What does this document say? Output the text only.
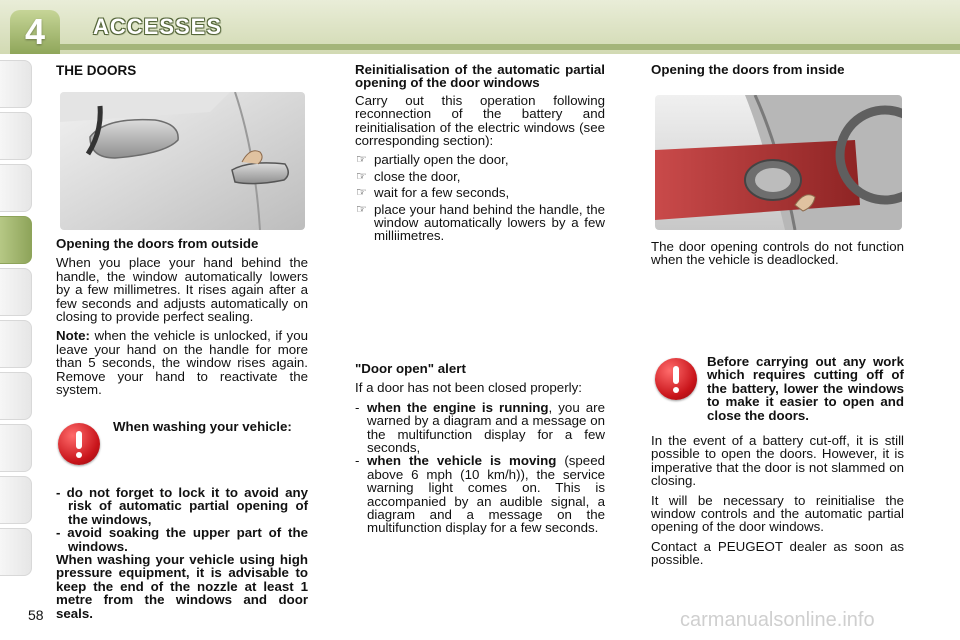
4	ACCESSES
THE DOORS

Opening the doors from outside

When you place your hand behind the handle, the window automatically lowers by a few millimetres. It rises again after a few seconds and adjusts automatically on closing to provide perfect sealing.

Note: when the vehicle is unlocked, if you leave your hand on the handle for more than 5 seconds, the window rises again. Remove your hand to reactivate the system.

When washing your vehicle:
- do not forget to lock it to avoid any risk of automatic partial opening of the windows,
- avoid soaking the upper part of the windows.

When washing your vehicle using high pressure equipment, it is advisable to keep the end of the nozzle at least 1 metre from the windows and door seals.

Reinitialisation of the automatic partial opening of the door windows

Carry out this operation following reconnection of the battery and reinitialisation of the electric windows (see corresponding section):

☞ partially open the door,
☞ close the door,
☞ wait for a few seconds,
☞ place your hand behind the handle, the window automatically lowers by a few milliimetres.

"Door open" alert

If a door has not been closed properly:

- when the engine is running, you are warned by a diagram and a message on the multifunction display for a few seconds,
- when the vehicle is moving (speed above 6 mph (10 km/h)), the service warning light comes on. This is accompanied by an audible signal, a diagram and a message on the multifunction display for a few seconds.

Opening the doors from inside

The door opening controls do not function when the vehicle is deadlocked.

Before carrying out any work which requires cutting off of the battery, lower the windows to make it easier to open and close the doors.

In the event of a battery cut-off, it is still possible to open the doors. However, it is imperative that the door is not slammed on closing.

It will be necessary to reinitialise the window controls and the automatic partial opening of the door windows.

Contact a PEUGEOT dealer as soon as possible.

58	carmanualsonline.info
